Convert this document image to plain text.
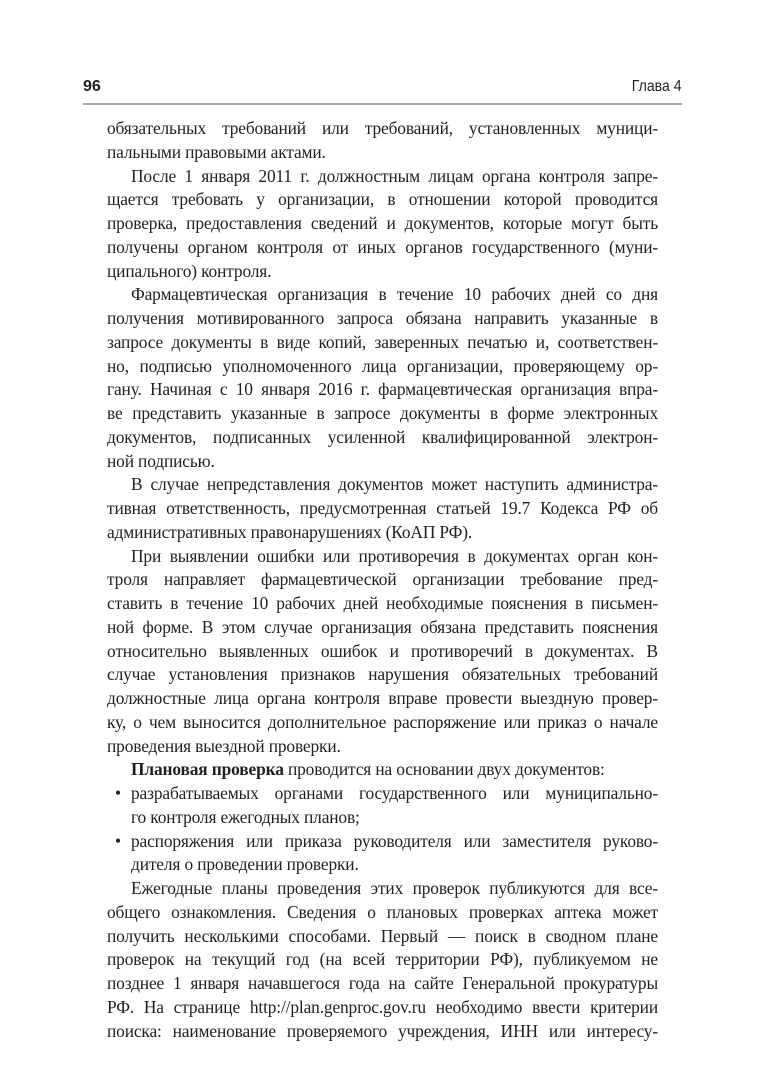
96	Глава 4
обязательных требований или требований, установленных муници-
пальными правовыми актами.
После 1 января 2011 г. должностным лицам органа контроля запре-
щается требовать у организации, в отношении которой проводится
проверка, предоставления сведений и документов, которые могут быть
получены органом контроля от иных органов государственного (муни-
ципального) контроля.
Фармацевтическая организация в течение 10 рабочих дней со дня
получения мотивированного запроса обязана направить указанные в
запросе документы в виде копий, заверенных печатью и, соответствен-
но, подписью уполномоченного лица организации, проверяющему ор-
гану. Начиная с 10 января 2016 г. фармацевтическая организация впра-
ве представить указанные в запросе документы в форме электронных
документов, подписанных усиленной квалифицированной электрон-
ной подписью.
В случае непредставления документов может наступить администра-
тивная ответственность, предусмотренная статьей 19.7 Кодекса РФ об
административных правонарушениях (КоАП РФ).
При выявлении ошибки или противоречия в документах орган кон-
троля направляет фармацевтической организации требование пред-
ставить в течение 10 рабочих дней необходимые пояснения в письмен-
ной форме. В этом случае организация обязана представить пояснения
относительно выявленных ошибок и противоречий в документах. В
случае установления признаков нарушения обязательных требований
должностные лица органа контроля вправе провести выездную провер-
ку, о чем выносится дополнительное распоряжение или приказ о начале
проведения выездной проверки.
Плановая проверка проводится на основании двух документов:
• разрабатываемых органами государственного или муниципально-
го контроля ежегодных планов;
• распоряжения или приказа руководителя или заместителя руково-
дителя о проведении проверки.
Ежегодные планы проведения этих проверок публикуются для все-
общего ознакомления. Сведения о плановых проверках аптека может
получить несколькими способами. Первый — поиск в сводном плане
проверок на текущий год (на всей территории РФ), публикуемом не
позднее 1 января начавшегося года на сайте Генеральной прокуратуры
РФ. На странице http://plan.genproc.gov.ru необходимо ввести критерии
поиска: наименование проверяемого учреждения, ИНН или интересу-
